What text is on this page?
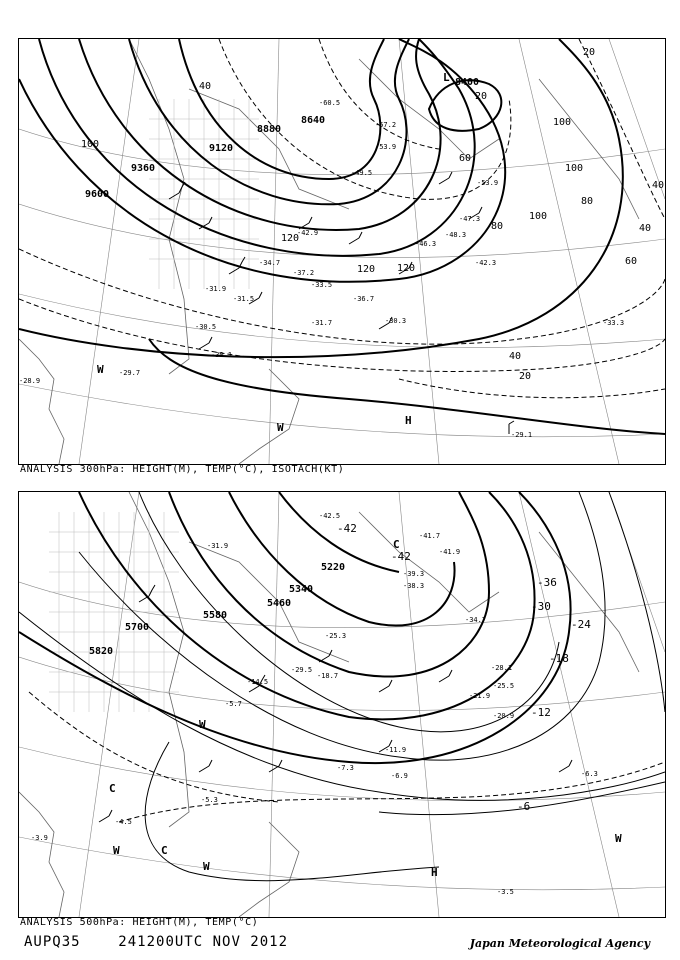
9600
9360
9120
8880
8640
8400
100
120
120
80
100
40
60
80
100
20
40
60
100
120
40
20
40
20
-42.9
-47.3
-53.9
-60.5
-46.3
-48.3
-42.3
-36.7
-34.7
-37.2
-31.9
-30.5
-30.1
-33.3
-31.7	-30.3
-29.7
-29.1
-28.9
-33.5
-31.5
-57.2
-49.5
-53.9
L
H
W
W
ANALYSIS 300hPa: HEIGHT(M), TEMP(°C), ISOTACH(KT)
5820
5700
5580
5460
5340
5220
-42
-42
-36
-30
-24
-18
-12
-6
-38.3
-39.3
-34.7
-41.7
-31.9
-29.5
-25.3
-18.7
-14.5
-11.9
-7.3
-5.7
-6.9
-4.5
-3.9
-5.3
-3.5
-6.3
-20.9
-25.5
-28.1
-21.9
-42.5
-41.9
C
C
C
W
W
W
W
H
ANALYSIS 500hPa: HEIGHT(M), TEMP(°C)
AUPQ35	241200UTC NOV 2012	Japan Meteorological Agency
